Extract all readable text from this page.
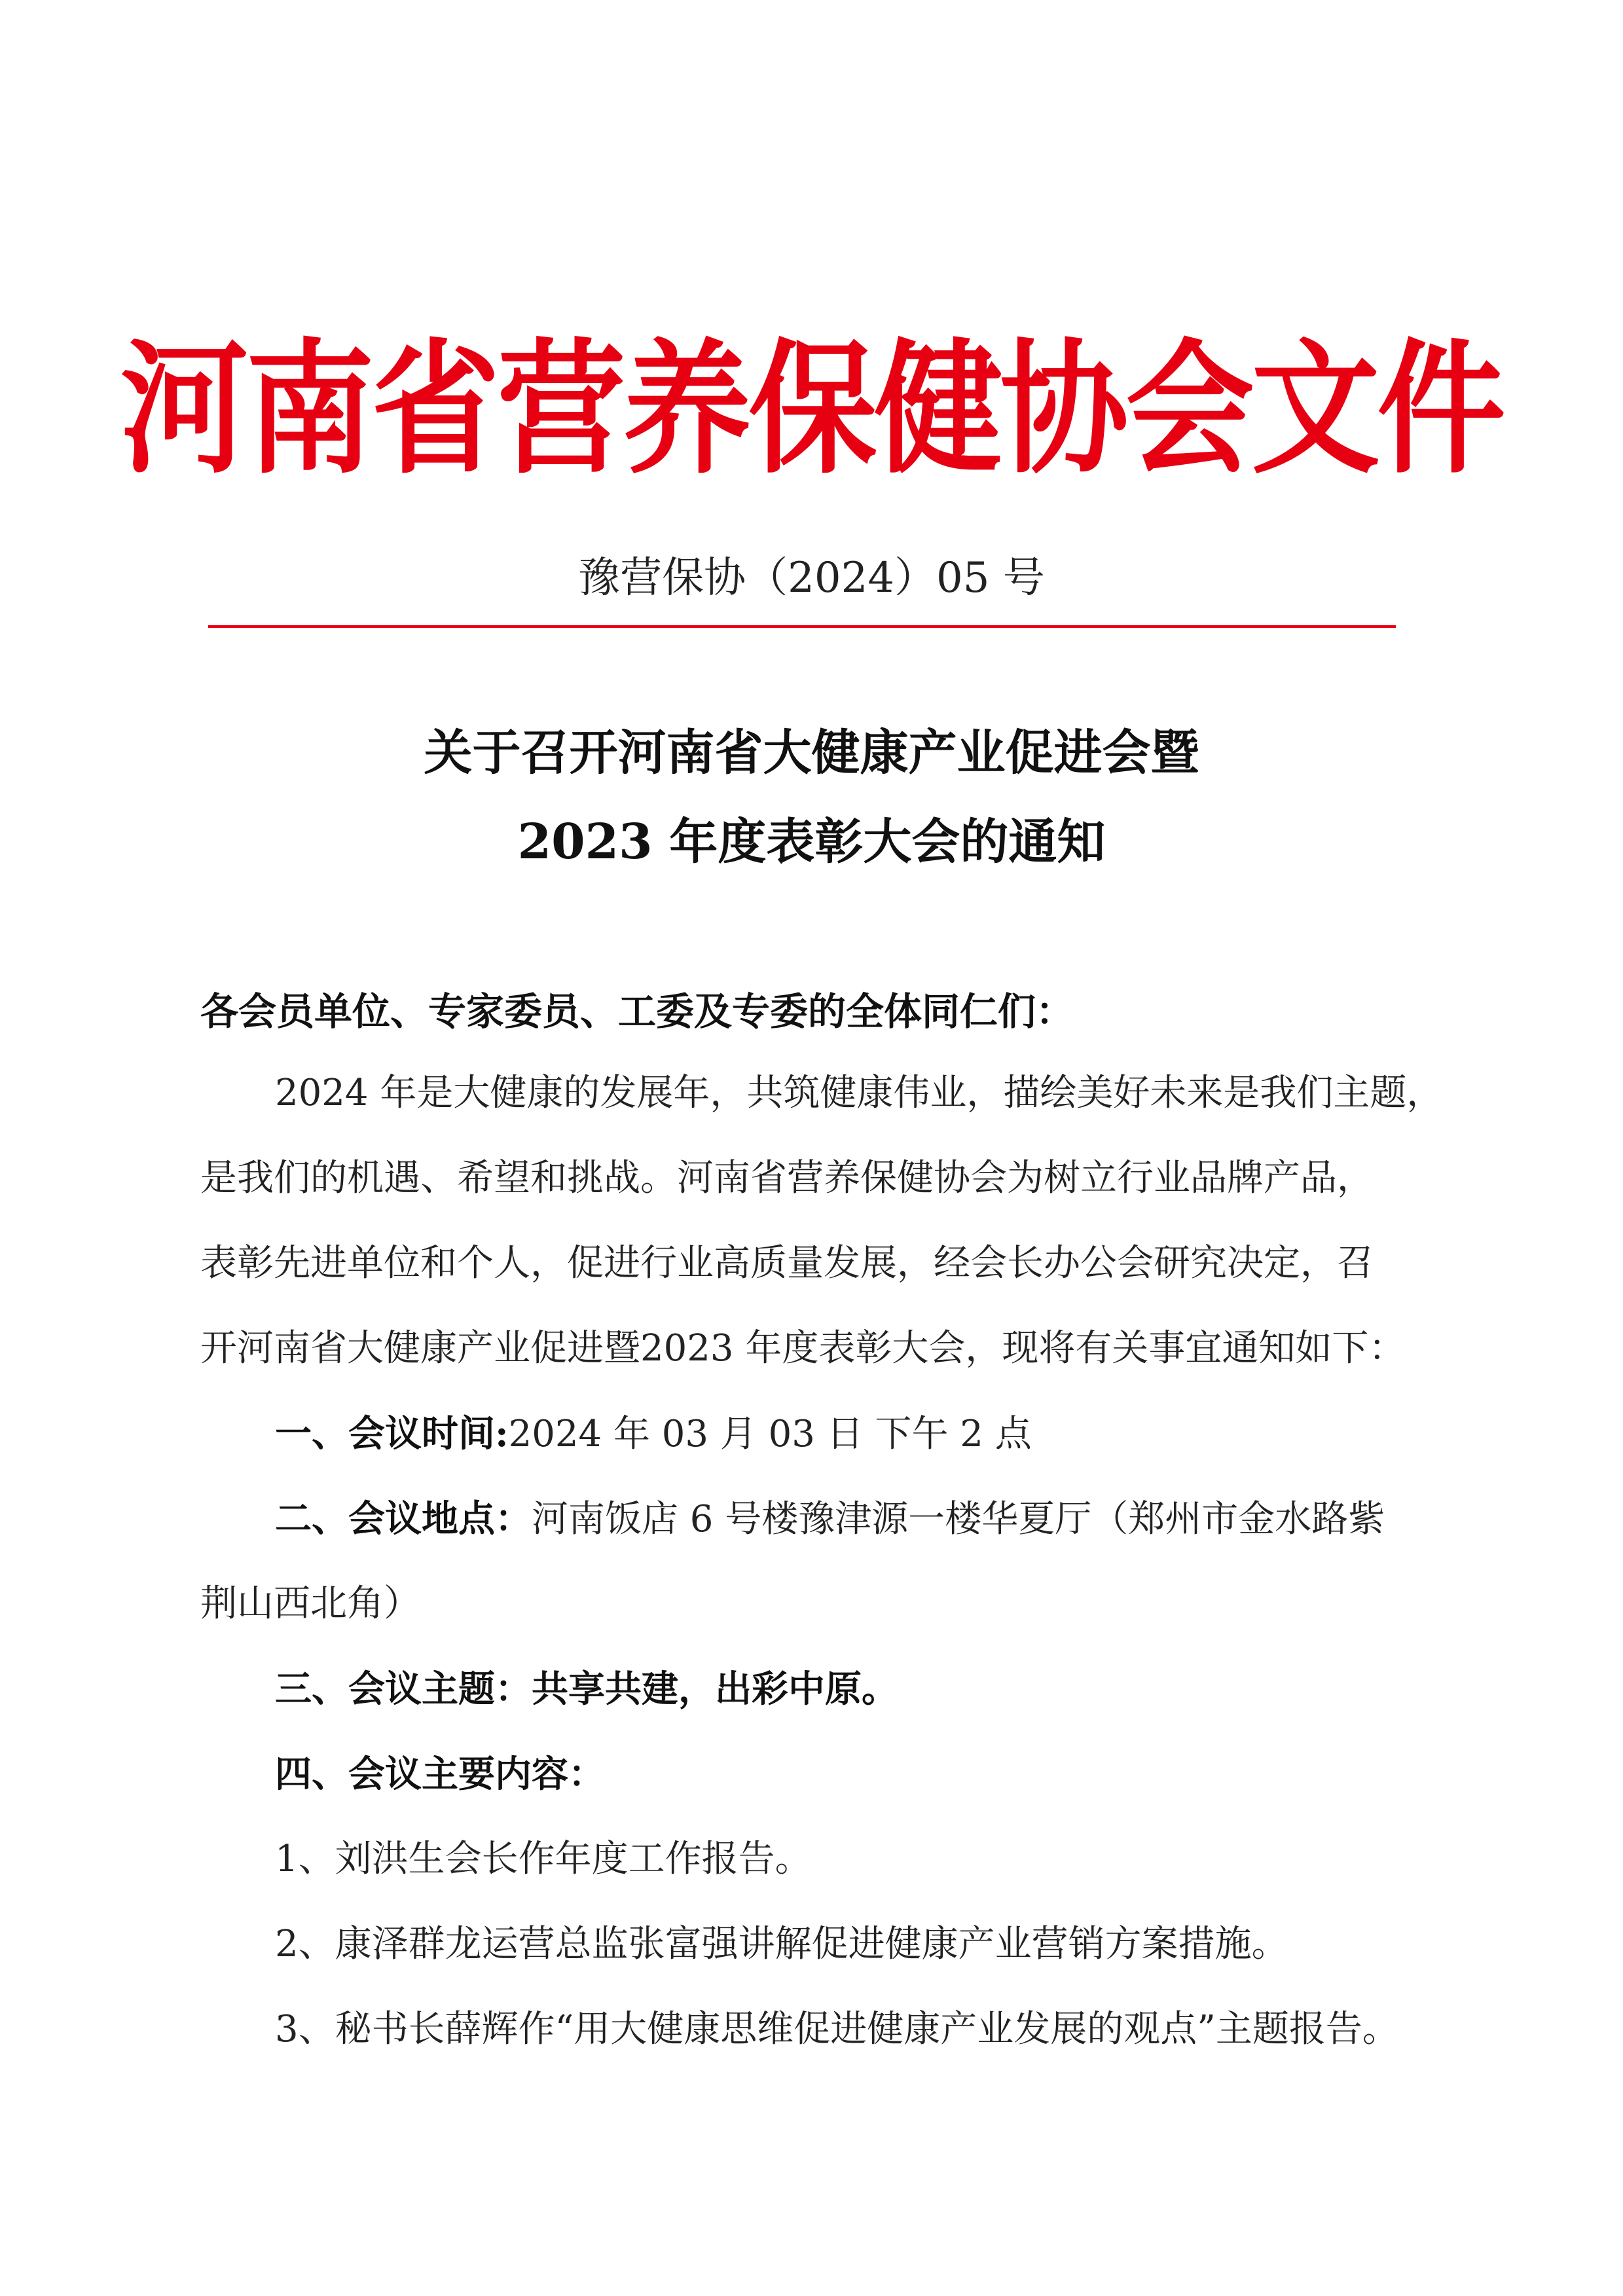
河南省营养保健协会文件
豫营保协（2024）05 号
关于召开河南省大健康产业促进会暨
2023 年度表彰大会的通知
各会员单位、专家委员、工委及专委的全体同仁们：
2024 年是大健康的发展年，共筑健康伟业，描绘美好未来是我们主题，
是我们的机遇、希望和挑战。河南省营养保健协会为树立行业品牌产品，
表彰先进单位和个人，促进行业高质量发展，经会长办公会研究决定，召
开河南省大健康产业促进暨2023 年度表彰大会，现将有关事宜通知如下：
一、会议时间:2024 年 03 月 03 日 下午 2 点
二、会议地点：河南饭店 6 号楼豫津源一楼华夏厅（郑州市金水路紫
荆山西北角）
三、会议主题：共享共建，出彩中原。
四、会议主要内容：
1、刘洪生会长作年度工作报告。
2、康泽群龙运营总监张富强讲解促进健康产业营销方案措施。
3、秘书长薛辉作“用大健康思维促进健康产业发展的观点”主题报告。
